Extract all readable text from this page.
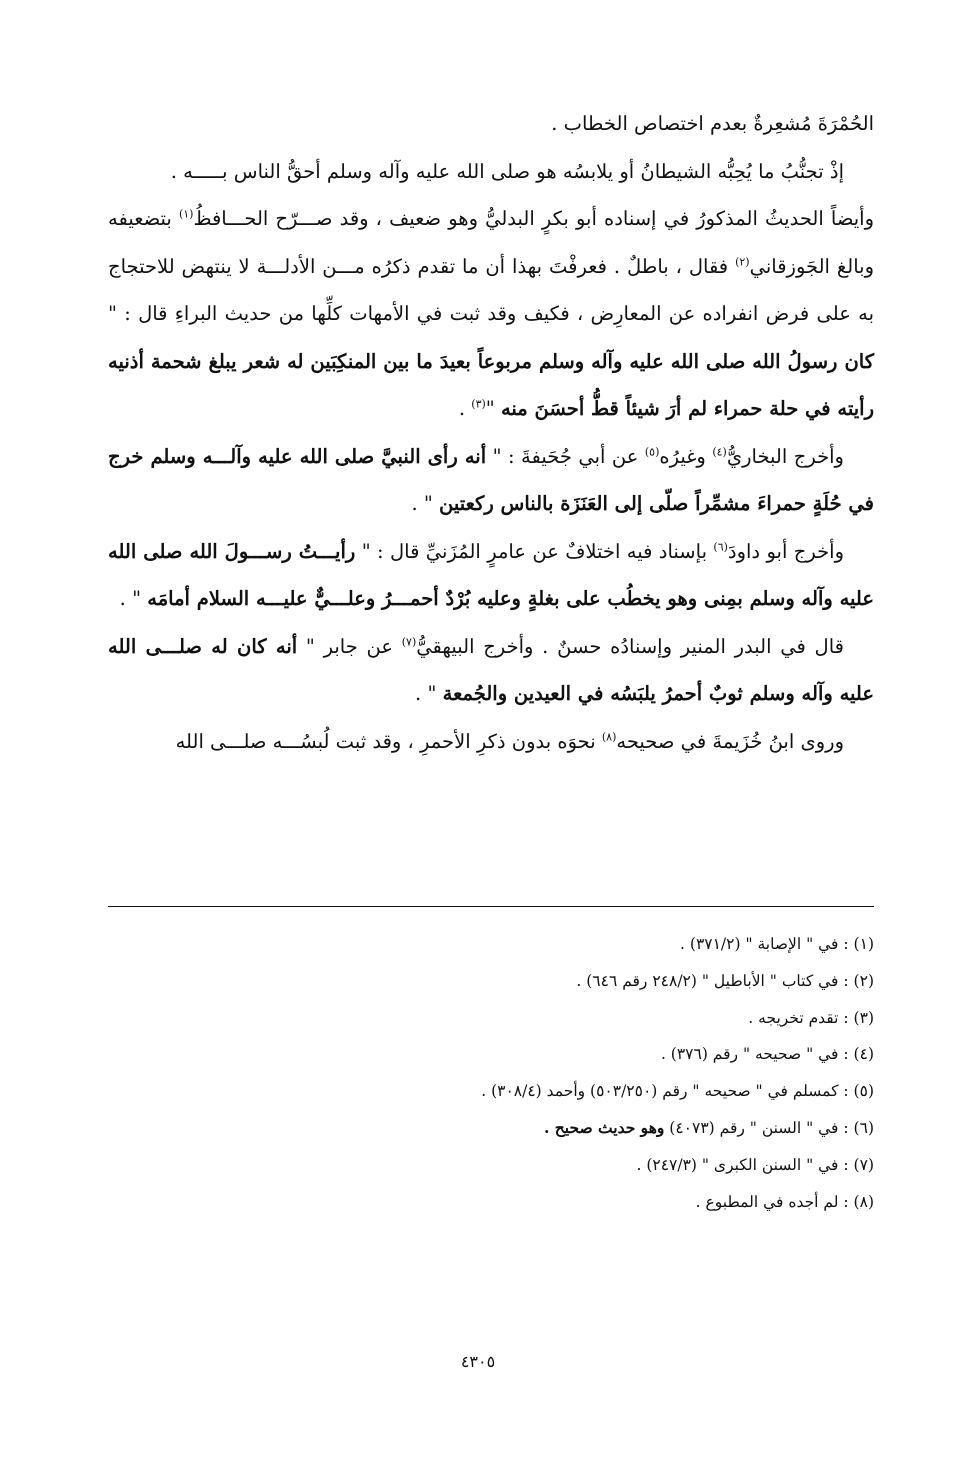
الحُمْرَةَ مُشعِرةٌ بعدم اختصاص الخطاب .

إذْ تجنُّبُ ما يُحِبُّه الشيطانُ أو يلابسُه هو صلى الله عليه وآله وسلم أحقُّ الناس بـــــه .

وأيضاً الحديثُ المذكورُ في إسناده أبو بكرٍ البدليُّ وهو ضعيف ، وقد صـــرّح الحـــافظُ$^{(١)}$ بتضعيفه وبالغ الجَوزقاني$^{(٢)}$ فقال ، باطلٌ . فعرفْتَ بهذا أن ما تقدم ذكرُه مـــن الأدلـــة لا ينتهض للاحتجاج به على فرض انفراده عن المعارِض ، فكيف وقد ثبت في الأمهات كلِّها من حديث البراءِ قال : " كان رسولُ الله صلى الله عليه وآله وسلم مربوعاً بعيدَ ما بين المنكِبَين له شعر يبلغ شحمة أذنيه رأيته في حلة حمراء لم أرَ شيئاً قطُّ أحسَنَ منه "$^{(٣)}$ .

وأخرج البخاريُّ$^{(٤)}$ وغيرُه$^{(٥)}$ عن أبي جُحَيفةَ : " أنه رأى النبيَّ صلى الله عليه وآلـــه وسلم خرج في حُلَةٍ حمراءَ مشمِّراً صلّى إلى العَنَزَة بالناس ركعتين " .

وأخرج أبو داودَ$^{(٦)}$ بإسناد فيه اختلافٌ عن عامرٍ المُزَنيِّ قال : " رأيـــتُ رســـولَ الله صلى الله عليه وآله وسلم بمِنى وهو يخطُب على بغلةٍ وعليه بُرْدٌ أحمـــرُ وعلـــيٌّ عليـــه السلام أمامَه " .

قال في البدر المنير وإسنادُه حسنٌ . وأخرج البيهقيُّ$^{(٧)}$ عن جابر " أنه كان له صلـــى الله عليه وآله وسلم ثوبٌ أحمرُ يلبَسُه في العيدين والجُمعة " .

وروى ابنُ خُزَيمةَ في صحيحه$^{(٨)}$ نحوَه بدون ذكرِ الأحمرِ ، وقد ثبت لُبسُـــه صلـــى الله

(١) : في " الإصابة " (٣٧١/٢) .
(٢) : في كتاب " الأباطيل " (٢٤٨/٢ رقم ٦٤٦) .
(٣) : تقدم تخريجه .
(٤) : في " صحيحه " رقم (٣٧٦) .
(٥) : كمسلم في " صحيحه " رقم (٥٠٣/٢٥٠) وأحمد (٣٠٨/٤) .
(٦) : في " السنن " رقم (٤٠٧٣) وهو حديث صحيح .
(٧) : في " السنن الكبرى " (٢٤٧/٣) .
(٨) : لم أجده في المطبوع .
٤٣٠٥
